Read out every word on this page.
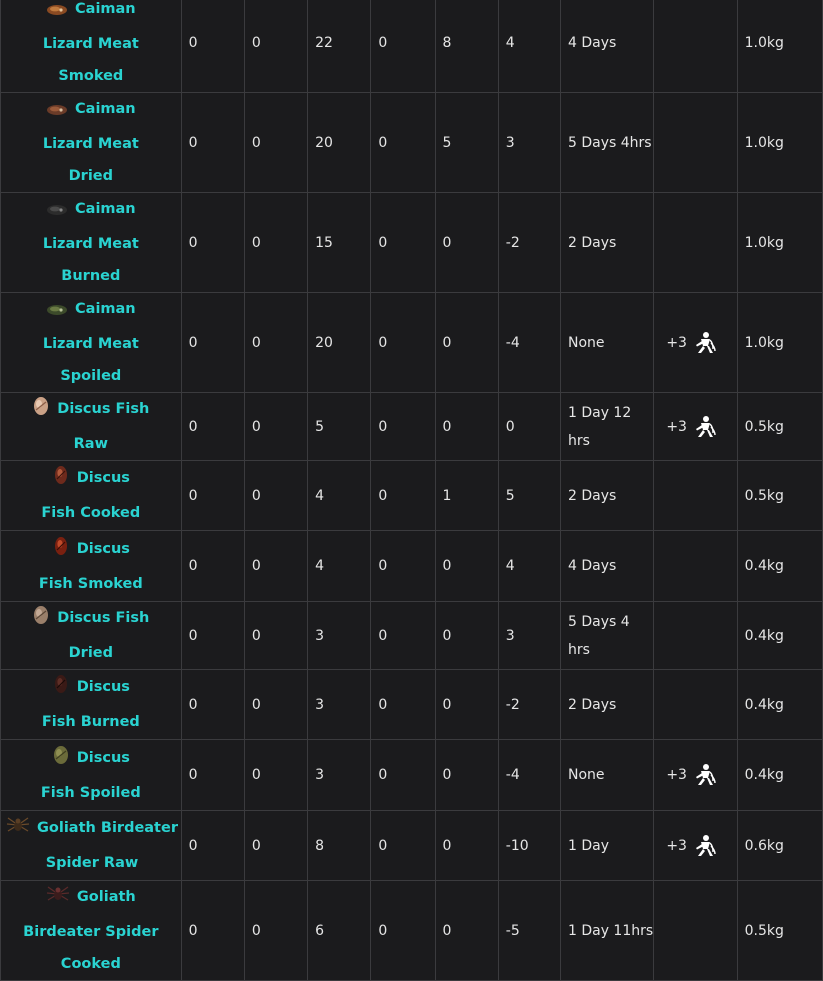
Caiman Lizard Meat Smoked	0	0	22	0	8	4	4 Days		1.0kg

Caiman Lizard Meat Dried	0	0	20	0	5	3	5 Days 4hrs		1.0kg

Caiman Lizard Meat Burned	0	0	15	0	0	-2	2 Days		1.0kg

Caiman Lizard Meat Spoiled	0	0	20	0	0	-4	None	+3	1.0kg

Discus Fish Raw	0	0	5	0	0	0	1 Day 12 hrs	+3	0.5kg

Discus Fish Cooked	0	0	4	0	1	5	2 Days		0.5kg

Discus Fish Smoked	0	0	4	0	0	4	4 Days		0.4kg

Discus Fish Dried	0	0	3	0	0	3	5 Days 4 hrs		0.4kg

Discus Fish Burned	0	0	3	0	0	-2	2 Days		0.4kg

Discus Fish Spoiled	0	0	3	0	0	-4	None	+3	0.4kg

Goliath Birdeater Spider Raw	0	0	8	0	0	-10	1 Day	+3	0.6kg

Goliath Birdeater Spider Cooked	0	0	6	0	0	-5	1 Day 11hrs		0.5kg
